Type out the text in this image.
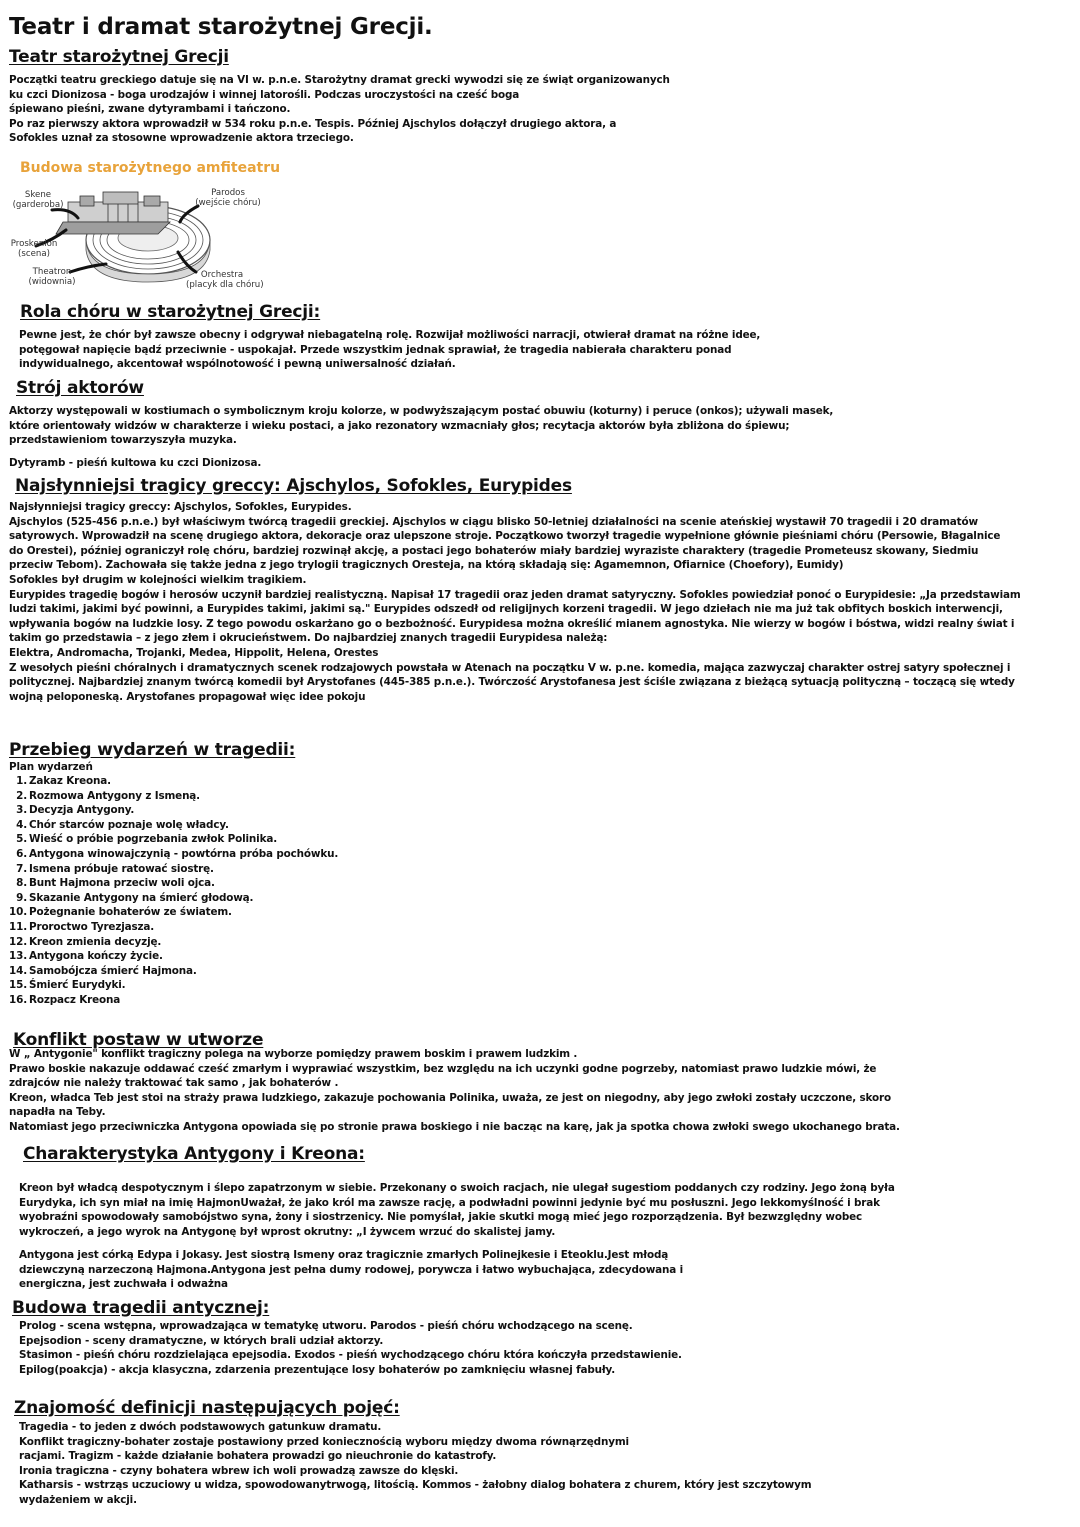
Teatr i dramat starożytnej Grecji.
Teatr starożytnej Grecji
Początki teatru greckiego datuje się na VI w. p.n.e. Starożytny dramat grecki wywodzi się ze świąt organizowanych
ku czci Dionizosa - boga urodzajów i winnej latorośli. Podczas uroczystości na cześć boga
śpiewano pieśni, zwane dytyrambami i tańczono.
Po raz pierwszy aktora wprowadził w 534 roku p.n.e. Tespis. Później Ajschylos dołączył drugiego aktora, a
Sofokles uznał za stosowne wprowadzenie aktora trzeciego.
Budowa starożytnego amfiteatru
Skene
(garderoba)
Parodos
(wejście chóru)
Proskenion
(scena)
Theatron
(widownia)
Orchestra
(placyk dla chóru)
Rola chóru w starożytnej Grecji:
Pewne jest, że chór był zawsze obecny i odgrywał niebagatelną rolę. Rozwijał możliwości narracji, otwierał dramat na różne idee,
potęgował napięcie bądź przeciwnie - uspokajał. Przede wszystkim jednak sprawiał, że tragedia nabierała charakteru ponad
indywidualnego, akcentował wspólnotowość i pewną uniwersalność działań.
Strój aktorów
Aktorzy występowali w kostiumach o symbolicznym kroju kolorze, w podwyższającym postać obuwiu (koturny) i peruce (onkos); używali masek,
które orientowały widzów w charakterze i wieku postaci, a jako rezonatory wzmacniały głos; recytacja aktorów była zbliżona do śpiewu;
przedstawieniom towarzyszyła muzyka.
Dytyramb - pieśń kultowa ku czci Dionizosa.
Najsłynniejsi tragicy greccy: Ajschylos, Sofokles, Eurypides
Najsłynniejsi tragicy greccy: Ajschylos, Sofokles, Eurypides.
Ajschylos (525-456 p.n.e.) był właściwym twórcą tragedii greckiej. Ajschylos w ciągu blisko 50-letniej działalności na scenie ateńskiej wystawił 70 tragedii i 20 dramatów
satyrowych. Wprowadził na scenę drugiego aktora, dekoracje oraz ulepszone stroje. Początkowo tworzył tragedie wypełnione głównie pieśniami chóru (Persowie, Błagalnice
do Orestei), później ograniczył rolę chóru, bardziej rozwinął akcję, a postaci jego bohaterów miały bardziej wyraziste charaktery (tragedie Prometeusz skowany, Siedmiu
przeciw Tebom). Zachowała się także jedna z jego trylogii tragicznych Oresteja, na którą składają się: Agamemnon, Ofiarnice (Choefory), Eumidy)
Sofokles był drugim w kolejności wielkim tragikiem.
Eurypides tragedię bogów i herosów uczynił bardziej realistyczną. Napisał 17 tragedii oraz jeden dramat satyryczny. Sofokles powiedział ponoć o Eurypidesie: „Ja przedstawiam
ludzi takimi, jakimi być powinni, a Eurypides takimi, jakimi są." Eurypides odszedł od religijnych korzeni tragedii. W jego dziełach nie ma już tak obfitych boskich interwencji,
wpływania bogów na ludzkie losy. Z tego powodu oskarżano go o bezbożność. Eurypidesa można określić mianem agnostyka. Nie wierzy w bogów i bóstwa, widzi realny świat i
takim go przedstawia – z jego złem i okrucieństwem. Do najbardziej znanych tragedii Eurypidesa należą:
Elektra, Andromacha, Trojanki, Medea, Hippolit, Helena, Orestes
Z wesołych pieśni chóralnych i dramatycznych scenek rodzajowych powstała w Atenach na początku V w. p.ne. komedia, mająca zazwyczaj charakter ostrej satyry społecznej i
politycznej. Najbardziej znanym twórcą komedii był Arystofanes (445-385 p.n.e.). Twórczość Arystofanesa jest ściśle związana z bieżącą sytuacją polityczną – toczącą się wtedy
wojną peloponeską. Arystofanes propagował więc idee pokoju
Przebieg wydarzeń w tragedii:
Plan wydarzeń
1. Zakaz Kreona.
2. Rozmowa Antygony z Ismeną.
3. Decyzja Antygony.
4. Chór starców poznaje wolę władcy.
5. Wieść o próbie pogrzebania zwłok Polinika.
6. Antygona winowajczynią - powtórna próba pochówku.
7. Ismena próbuje ratować siostrę.
8. Bunt Hajmona przeciw woli ojca.
9. Skazanie Antygony na śmierć głodową.
10. Pożegnanie bohaterów ze światem.
11. Proroctwo Tyrezjasza.
12. Kreon zmienia decyzję.
13. Antygona kończy życie.
14. Samobójcza śmierć Hajmona.
15. Śmierć Eurydyki.
16. Rozpacz Kreona
Konflikt postaw w utworze
W „ Antygonie" konflikt tragiczny polega na wyborze pomiędzy prawem boskim i prawem ludzkim .
Prawo boskie nakazuje oddawać cześć zmarłym i wyprawiać wszystkim, bez względu na ich uczynki godne pogrzeby, natomiast prawo ludzkie mówi, że
zdrajców nie należy traktować tak samo , jak bohaterów .
Kreon, władca Teb jest stoi na straży prawa ludzkiego, zakazuje pochowania Polinika, uważa, ze jest on niegodny, aby jego zwłoki zostały uczczone, skoro
napadła na Teby.
Natomiast jego przeciwniczka Antygona opowiada się po stronie prawa boskiego i nie bacząc na karę, jak ja spotka chowa zwłoki swego ukochanego brata.
Charakterystyka Antygony i Kreona:
Kreon był władcą despotycznym i ślepo zapatrzonym w siebie. Przekonany o swoich racjach, nie ulegał sugestiom poddanych czy rodziny. Jego żoną była
Eurydyka, ich syn miał na imię HajmonUważał, że jako król ma zawsze rację, a podwładni powinni jedynie być mu posłuszni. Jego lekkomyślność i brak
wyobraźni spowodowały samobójstwo syna, żony i siostrzenicy. Nie pomyślał, jakie skutki mogą mieć jego rozporządzenia. Był bezwzględny wobec
wykroczeń, a jego wyrok na Antygonę był wprost okrutny: „I żywcem wrzuć do skalistej jamy.
Antygona jest córką Edypa i Jokasy. Jest siostrą Ismeny oraz tragicznie zmarłych Polinejkesie i Eteoklu.Jest młodą
dziewczyną narzeczoną Hajmona.Antygona jest pełna dumy rodowej, porywcza i łatwo wybuchająca, zdecydowana i
energiczna, jest zuchwała i odważna
Budowa tragedii antycznej:
Prolog - scena wstępna, wprowadzająca w tematykę utworu. Parodos - pieśń chóru wchodzącego na scenę.
Epejsodion - sceny dramatyczne, w których brali udział aktorzy.
Stasimon - pieśń chóru rozdzielająca epejsodia. Exodos - pieśń wychodzącego chóru która kończyła przedstawienie.
Epilog(poakcja) - akcja klasyczna, zdarzenia prezentujące losy bohaterów po zamknięciu własnej fabuły.
Znajomość definicji następujących pojęć:
Tragedia - to jeden z dwóch podstawowych gatunkuw dramatu.
Konflikt tragiczny-bohater zostaje postawiony przed koniecznością wyboru między dwoma równąrzędnymi
racjami. Tragizm - każde działanie bohatera prowadzi go nieuchronie do katastrofy.
Ironia tragiczna - czyny bohatera wbrew ich woli prowadzą zawsze do klęski.
Katharsis - wstrząs uczuciowy u widza, spowodowanytrwogą, litością. Kommos - żałobny dialog bohatera z churem, który jest szczytowym
wydażeniem w akcji.
